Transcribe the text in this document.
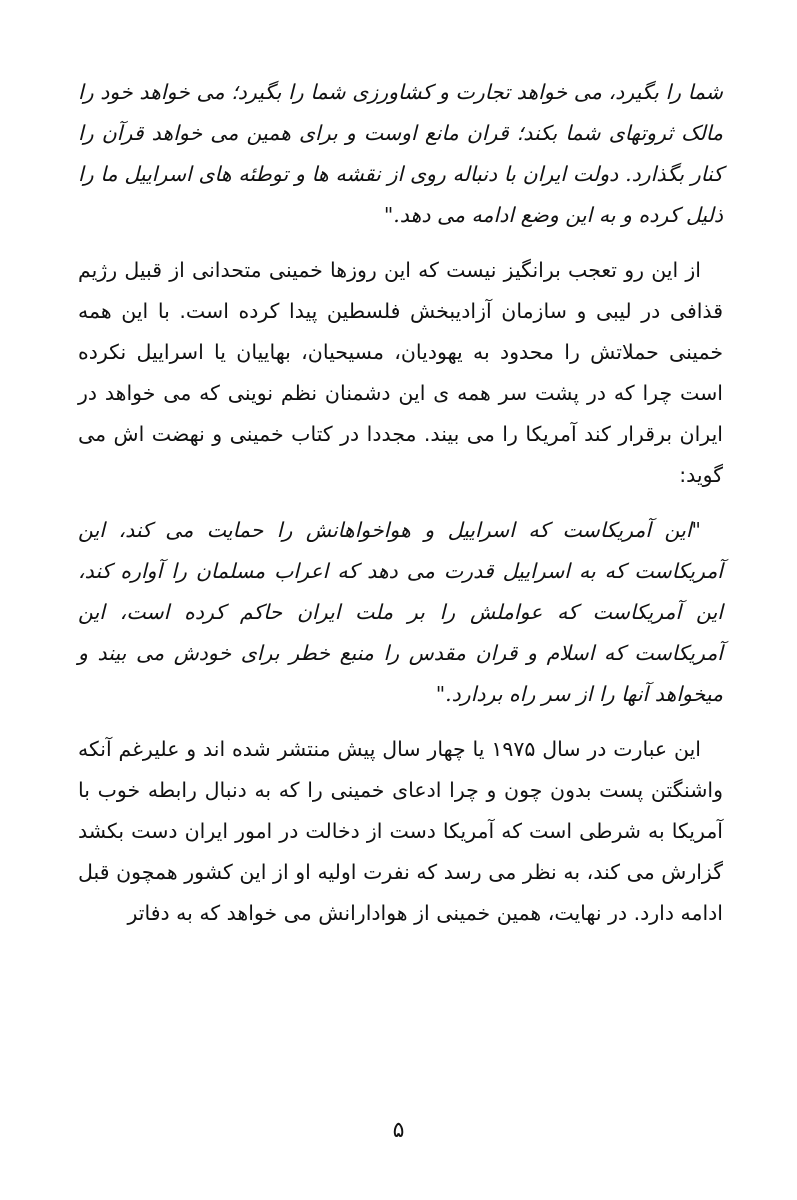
شما را بگیرد، می خواهد تجارت و کشاورزی شما را بگیرد؛ می خواهد خود را مالک ثروتهای شما بکند؛ قران مانع اوست و برای همین می خواهد قرآن را کنار بگذارد. دولت ایران با دنباله روی از نقشه ها و توطئه های اسراییل ما را ذلیل کرده و به این وضع ادامه می دهد."

از این رو تعجب برانگیز نیست که این روزها خمینی متحدانی از قبیل رژیم قذافی در لیبی و سازمان آزادیبخش فلسطین پیدا کرده است. با این همه خمینی حملاتش را محدود به یهودیان، مسیحیان، بهاییان یا اسراییل نکرده است چرا که در پشت سر همه ی این دشمنان نظم نوینی که می خواهد در ایران برقرار کند آمریکا را می بیند. مجددا در کتاب خمینی و نهضت اش می گوید:

"این آمریکاست که اسراییل و هواخواهانش را حمایت می کند، این آمریکاست که به اسراییل قدرت می دهد که اعراب مسلمان را آواره کند، این آمریکاست که عواملش را بر ملت ایران حاکم کرده است، این آمریکاست که اسلام و قران مقدس را منبع خطر برای خودش می بیند و میخواهد آنها را از سر راه بردارد."

این عبارت در سال ۱۹۷۵ یا چهار سال پیش منتشر شده اند و علیرغم آنکه واشنگتن پست بدون چون و چرا ادعای خمینی را که به دنبال رابطه خوب با آمریکا به شرطی است که آمریکا دست از دخالت در امور ایران دست بکشد گزارش می کند، به نظر می رسد که نفرت اولیه او از این کشور همچون قبل ادامه دارد. در نهایت، همین خمینی از هوادارانش می خواهد که به دفاتر

۵
